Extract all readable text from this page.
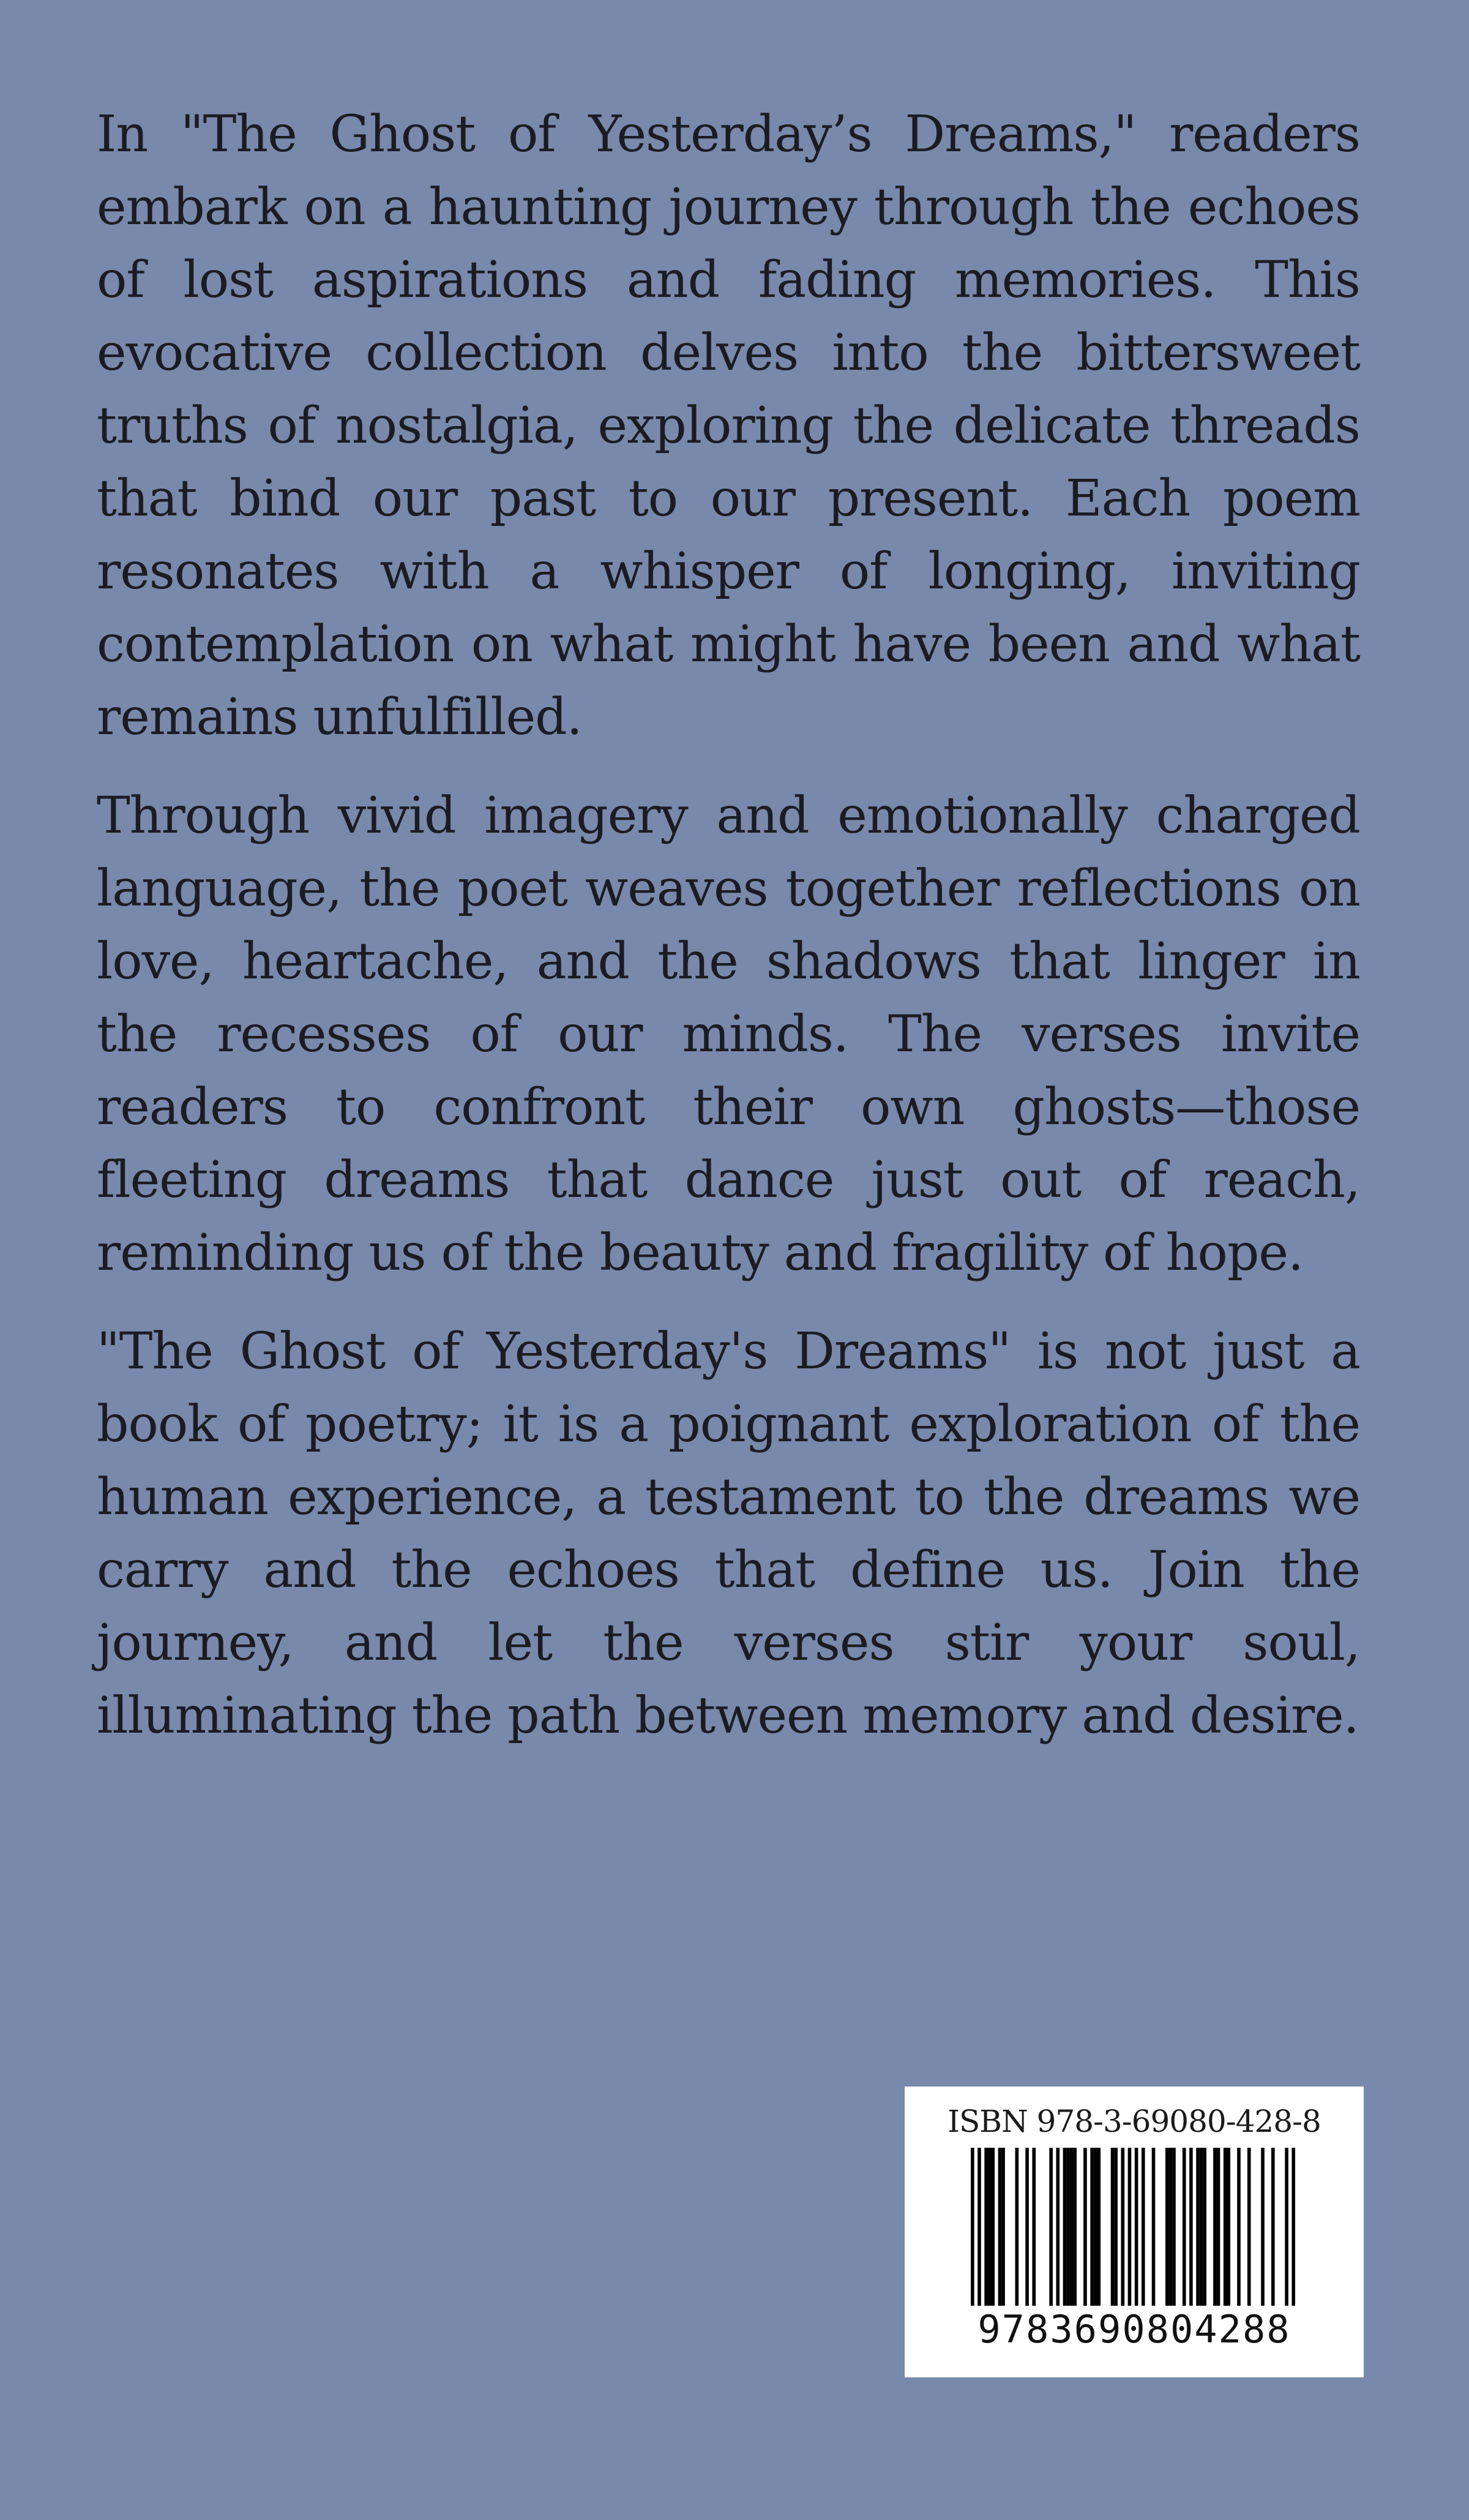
In "The Ghost of Yesterday’s Dreams," readers embark on a haunting journey through the echoes of lost aspirations and fading memories. This evocative collection delves into the bittersweet truths of nostalgia, exploring the delicate threads that bind our past to our present. Each poem resonates with a whisper of longing, inviting contemplation on what might have been and what remains unfulfilled.

Through vivid imagery and emotionally charged language, the poet weaves together reflections on love, heartache, and the shadows that linger in the recesses of our minds. The verses invite readers to confront their own ghosts—those fleeting dreams that dance just out of reach, reminding us of the beauty and fragility of hope.

"The Ghost of Yesterday's Dreams" is not just a book of poetry; it is a poignant exploration of the human experience, a testament to the dreams we carry and the echoes that define us. Join the journey, and let the verses stir your soul, illuminating the path between memory and desire.

ISBN 978-3-69080-428-8
9783690804288
